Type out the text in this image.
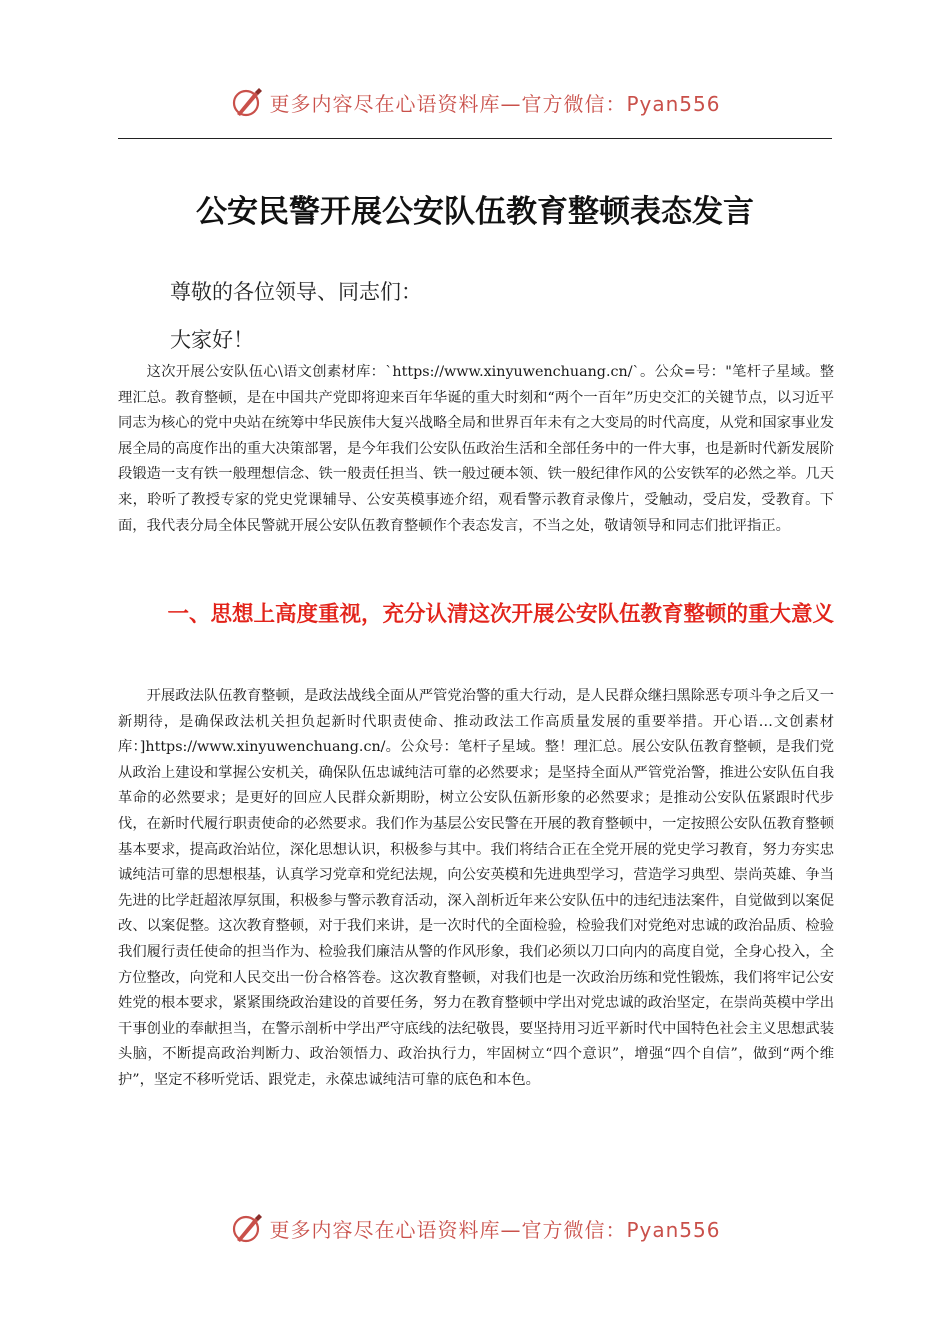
更多内容尽在心语资料库—官方微信：Pyan556
公安民警开展公安队伍教育整顿表态发言
尊敬的各位领导、同志们：
大家好！

这次开展公安队伍心\语文创素材库：`https://www.xinyuwenchuang.cn/`。公众=号："笔杆子星域。整理汇总。教育整顿，是在中国共产党即将迎来百年华诞的重大时刻和“两个一百年”历史交汇的关键节点，以习近平同志为核心的党中央站在统筹中华民族伟大复兴战略全局和世界百年未有之大变局的时代高度，从党和国家事业发展全局的高度作出的重大决策部署，是今年我们公安队伍政治生活和全部任务中的一件大事，也是新时代新发展阶段锻造一支有铁一般理想信念、铁一般责任担当、铁一般过硬本领、铁一般纪律作风的公安铁军的必然之举。几天来，聆听了教授专家的党史党课辅导、公安英模事迹介绍，观看警示教育录像片，受触动，受启发，受教育。下面，我代表分局全体民警就开展公安队伍教育整顿作个表态发言，不当之处，敬请领导和同志们批评指正。

一、思想上高度重视，充分认清这次开展公安队伍教育整顿的重大意义

开展政法队伍教育整顿，是政法战线全面从严管党治警的重大行动，是人民群众继扫黑除恶专项斗争之后又一新期待，是确保政法机关担负起新时代职责使命、推动政法工作高质量发展的重要举措。开心语…文创素材库：]https://www.xinyuwenchuang.cn/。公众号：笔杆子星域。整！理汇总。展公安队伍教育整顿，是我们党从政治上建设和掌握公安机关，确保队伍忠诚纯洁可靠的必然要求；是坚持全面从严管党治警，推进公安队伍自我革命的必然要求；是更好的回应人民群众新期盼，树立公安队伍新形象的必然要求；是推动公安队伍紧跟时代步伐，在新时代履行职责使命的必然要求。我们作为基层公安民警在开展的教育整顿中，一定按照公安队伍教育整顿基本要求，提高政治站位，深化思想认识，积极参与其中。我们将结合正在全党开展的党史学习教育，努力夯实忠诚纯洁可靠的思想根基，认真学习党章和党纪法规，向公安英模和先进典型学习，营造学习典型、崇尚英雄、争当先进的比学赶超浓厚氛围，积极参与警示教育活动，深入剖析近年来公安队伍中的违纪违法案件，自觉做到以案促改、以案促整。这次教育整顿，对于我们来讲，是一次时代的全面检验，检验我们对党绝对忠诚的政治品质、检验我们履行责任使命的担当作为、检验我们廉洁从警的作风形象，我们必须以刀口向内的高度自觉，全身心投入，全方位整改，向党和人民交出一份合格答卷。这次教育整顿，对我们也是一次政治历练和党性锻炼，我们将牢记公安姓党的根本要求，紧紧围绕政治建设的首要任务，努力在教育整顿中学出对党忠诚的政治坚定，在崇尚英模中学出干事创业的奉献担当，在警示剖析中学出严守底线的法纪敬畏，要坚持用习近平新时代中国特色社会主义思想武装头脑，不断提高政治判断力、政治领悟力、政治执行力，牢固树立“四个意识”，增强“四个自信”，做到“两个维护”，坚定不移听党话、跟党走，永葆忠诚纯洁可靠的底色和本色。

更多内容尽在心语资料库—官方微信：Pyan556
